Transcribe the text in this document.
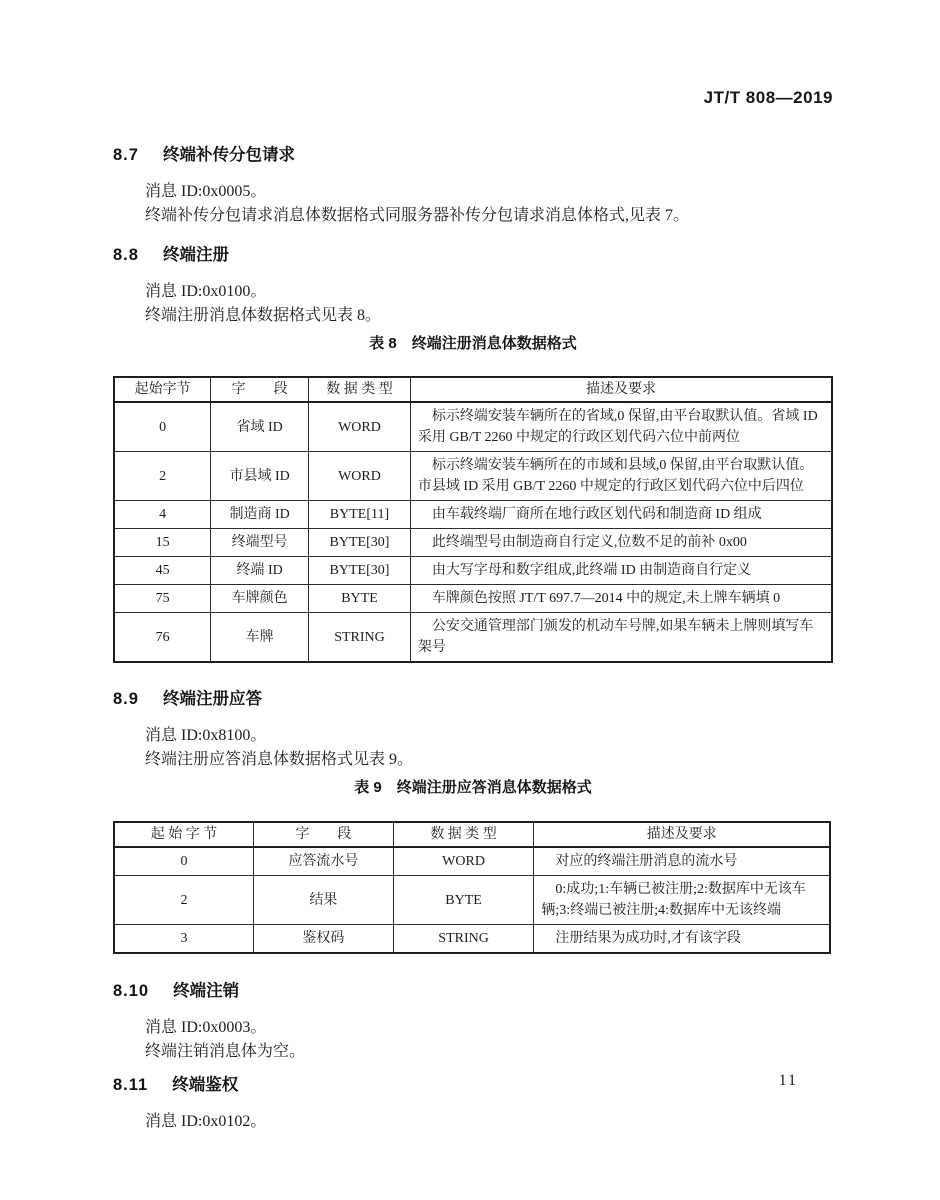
JT/T 808—2019
8.7 终端补传分包请求

消息 ID:0x0005。

终端补传分包请求消息体数据格式同服务器补传分包请求消息体格式,见表 7。

8.8 终端注册

消息 ID:0x0100。

终端注册消息体数据格式见表 8。

表 8　终端注册消息体数据格式
起始字节	字　　段	数 据 类 型	描述及要求
0	省域 ID	WORD	标示终端安装车辆所在的省域,0 保留,由平台取默认值。省域 ID 采用 GB/T 2260 中规定的行政区划代码六位中前两位
2	市县域 ID	WORD	标示终端安装车辆所在的市域和县域,0 保留,由平台取默认值。市县域 ID 采用 GB/T 2260 中规定的行政区划代码六位中后四位
4	制造商 ID	BYTE[11]	由车载终端厂商所在地行政区划代码和制造商 ID 组成
15	终端型号	BYTE[30]	此终端型号由制造商自行定义,位数不足的前补 0x00
45	终端 ID	BYTE[30]	由大写字母和数字组成,此终端 ID 由制造商自行定义
75	车牌颜色	BYTE	车牌颜色按照 JT/T 697.7—2014 中的规定,未上牌车辆填 0
76	车牌	STRING	公安交通管理部门颁发的机动车号牌,如果车辆未上牌则填写车架号
8.9 终端注册应答

消息 ID:0x8100。

终端注册应答消息体数据格式见表 9。

表 9　终端注册应答消息体数据格式
起 始 字 节	字　　段	数 据 类 型	描述及要求
0	应答流水号	WORD	对应的终端注册消息的流水号
2	结果	BYTE	0:成功;1:车辆已被注册;2:数据库中无该车辆;3:终端已被注册;4:数据库中无该终端
3	鉴权码	STRING	注册结果为成功时,才有该字段
8.10 终端注销

消息 ID:0x0003。

终端注销消息体为空。

8.11 终端鉴权

消息 ID:0x0102。

11
